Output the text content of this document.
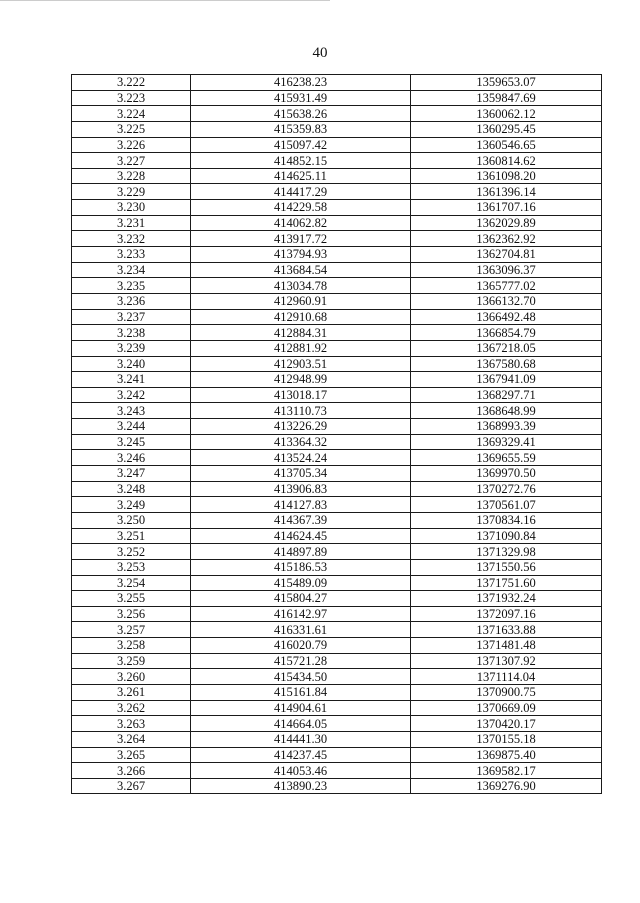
40
3.222	416238.23	1359653.07
3.223	415931.49	1359847.69
3.224	415638.26	1360062.12
3.225	415359.83	1360295.45
3.226	415097.42	1360546.65
3.227	414852.15	1360814.62
3.228	414625.11	1361098.20
3.229	414417.29	1361396.14
3.230	414229.58	1361707.16
3.231	414062.82	1362029.89
3.232	413917.72	1362362.92
3.233	413794.93	1362704.81
3.234	413684.54	1363096.37
3.235	413034.78	1365777.02
3.236	412960.91	1366132.70
3.237	412910.68	1366492.48
3.238	412884.31	1366854.79
3.239	412881.92	1367218.05
3.240	412903.51	1367580.68
3.241	412948.99	1367941.09
3.242	413018.17	1368297.71
3.243	413110.73	1368648.99
3.244	413226.29	1368993.39
3.245	413364.32	1369329.41
3.246	413524.24	1369655.59
3.247	413705.34	1369970.50
3.248	413906.83	1370272.76
3.249	414127.83	1370561.07
3.250	414367.39	1370834.16
3.251	414624.45	1371090.84
3.252	414897.89	1371329.98
3.253	415186.53	1371550.56
3.254	415489.09	1371751.60
3.255	415804.27	1371932.24
3.256	416142.97	1372097.16
3.257	416331.61	1371633.88
3.258	416020.79	1371481.48
3.259	415721.28	1371307.92
3.260	415434.50	1371114.04
3.261	415161.84	1370900.75
3.262	414904.61	1370669.09
3.263	414664.05	1370420.17
3.264	414441.30	1370155.18
3.265	414237.45	1369875.40
3.266	414053.46	1369582.17
3.267	413890.23	1369276.90
